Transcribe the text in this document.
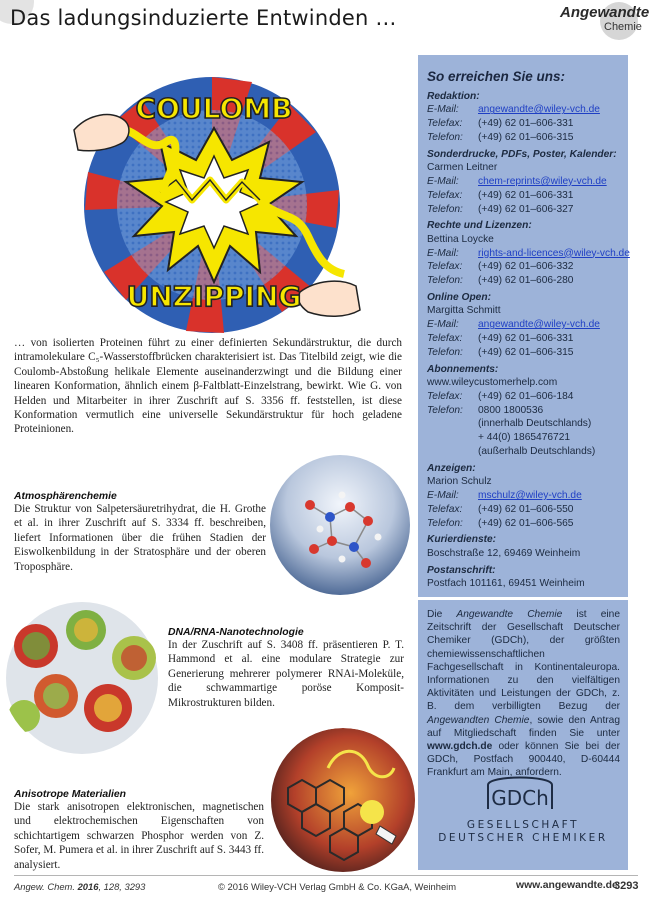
Das ladungsinduzierte Entwinden …	Angewandte
Chemie
COULOMB
UNZIPPING
… von isolierten Proteinen führt zu einer definierten Sekundärstruktur, die durch intramolekulare C₅-Wasserstoffbrücken charakterisiert ist. Das Titelbild zeigt, wie die Coulomb-Abstoßung helikale Elemente auseinanderzwingt und die Bildung einer linearen Konformation, ähnlich einem β-Faltblatt-Einzelstrang, bewirkt. Wie G. von Helden und Mitarbeiter in ihrer Zuschrift auf S. 3356 ff. feststellen, ist diese Konformation vermutlich eine universelle Sekundärstruktur für hoch geladene Proteinionen.
Atmosphärenchemie
Die Struktur von Salpetersäuretrihydrat, die H. Grothe et al. in ihrer Zuschrift auf S. 3334 ff. beschreiben, liefert Informationen über die frühen Stadien der Eiswolkenbildung in der Stratosphäre und der oberen Troposphäre.
DNA/RNA-Nanotechnologie
In der Zuschrift auf S. 3408 ff. präsentieren P. T. Hammond et al. eine modulare Strategie zur Generierung mehrerer polymerer RNAi-Moleküle, die schwammartige poröse Komposit-Mikrostrukturen bilden.
Anisotrope Materialien
Die stark anisotropen elektronischen, magnetischen und elektrochemischen Eigenschaften von schichtartigem schwarzen Phosphor werden von Z. Sofer, M. Pumera et al. in ihrer Zuschrift auf S. 3443 ff. analysiert.
So erreichen Sie uns:
Redaktion:
E-Mail:	angewandte@wiley-vch.de
Telefax:	(+49) 62 01–606-331
Telefon:	(+49) 62 01–606-315
Sonderdrucke, PDFs, Poster, Kalender:
Carmen Leitner
E-Mail:	chem-reprints@wiley-vch.de
Telefax:	(+49) 62 01–606-331
Telefon:	(+49) 62 01–606-327
Rechte und Lizenzen:
Bettina Loycke
E-Mail:	rights-and-licences@wiley-vch.de
Telefax:	(+49) 62 01–606-332
Telefon:	(+49) 62 01–606-280
Online Open:
Margitta Schmitt
E-Mail:	angewandte@wiley-vch.de
Telefax:	(+49) 62 01–606-331
Telefon:	(+49) 62 01–606-315
Abonnements:
www.wileycustomerhelp.com
Telefax:	(+49) 62 01–606-184
Telefon:	0800 1800536
(innerhalb Deutschlands)
+ 44(0) 1865476721
(außerhalb Deutschlands)
Anzeigen:
Marion Schulz
E-Mail:	mschulz@wiley-vch.de
Telefax:	(+49) 62 01–606-550
Telefon:	(+49) 62 01–606-565
Kurierdienste:
Boschstraße 12, 69469 Weinheim
Postanschrift:
Postfach 101161, 69451 Weinheim

Die Angewandte Chemie ist eine Zeitschrift der Gesellschaft Deutscher Chemiker (GDCh), der größten chemiewissenschaftlichen Fachgesellschaft in Kontinentaleuropa. Informationen zu den vielfältigen Aktivitäten und Leistungen der GDCh, z. B. dem verbilligten Bezug der Angewandten Chemie, sowie den Antrag auf Mitgliedschaft finden Sie unter www.gdch.de oder können Sie bei der GDCh, Postfach 900440, D-60444 Frankfurt am Main, anfordern.

GDCh
GESELLSCHAFT
DEUTSCHER CHEMIKER
Angew. Chem. 2016, 128, 3293	© 2016 Wiley-VCH Verlag GmbH & Co. KGaA, Weinheim	www.angewandte.de
3293
